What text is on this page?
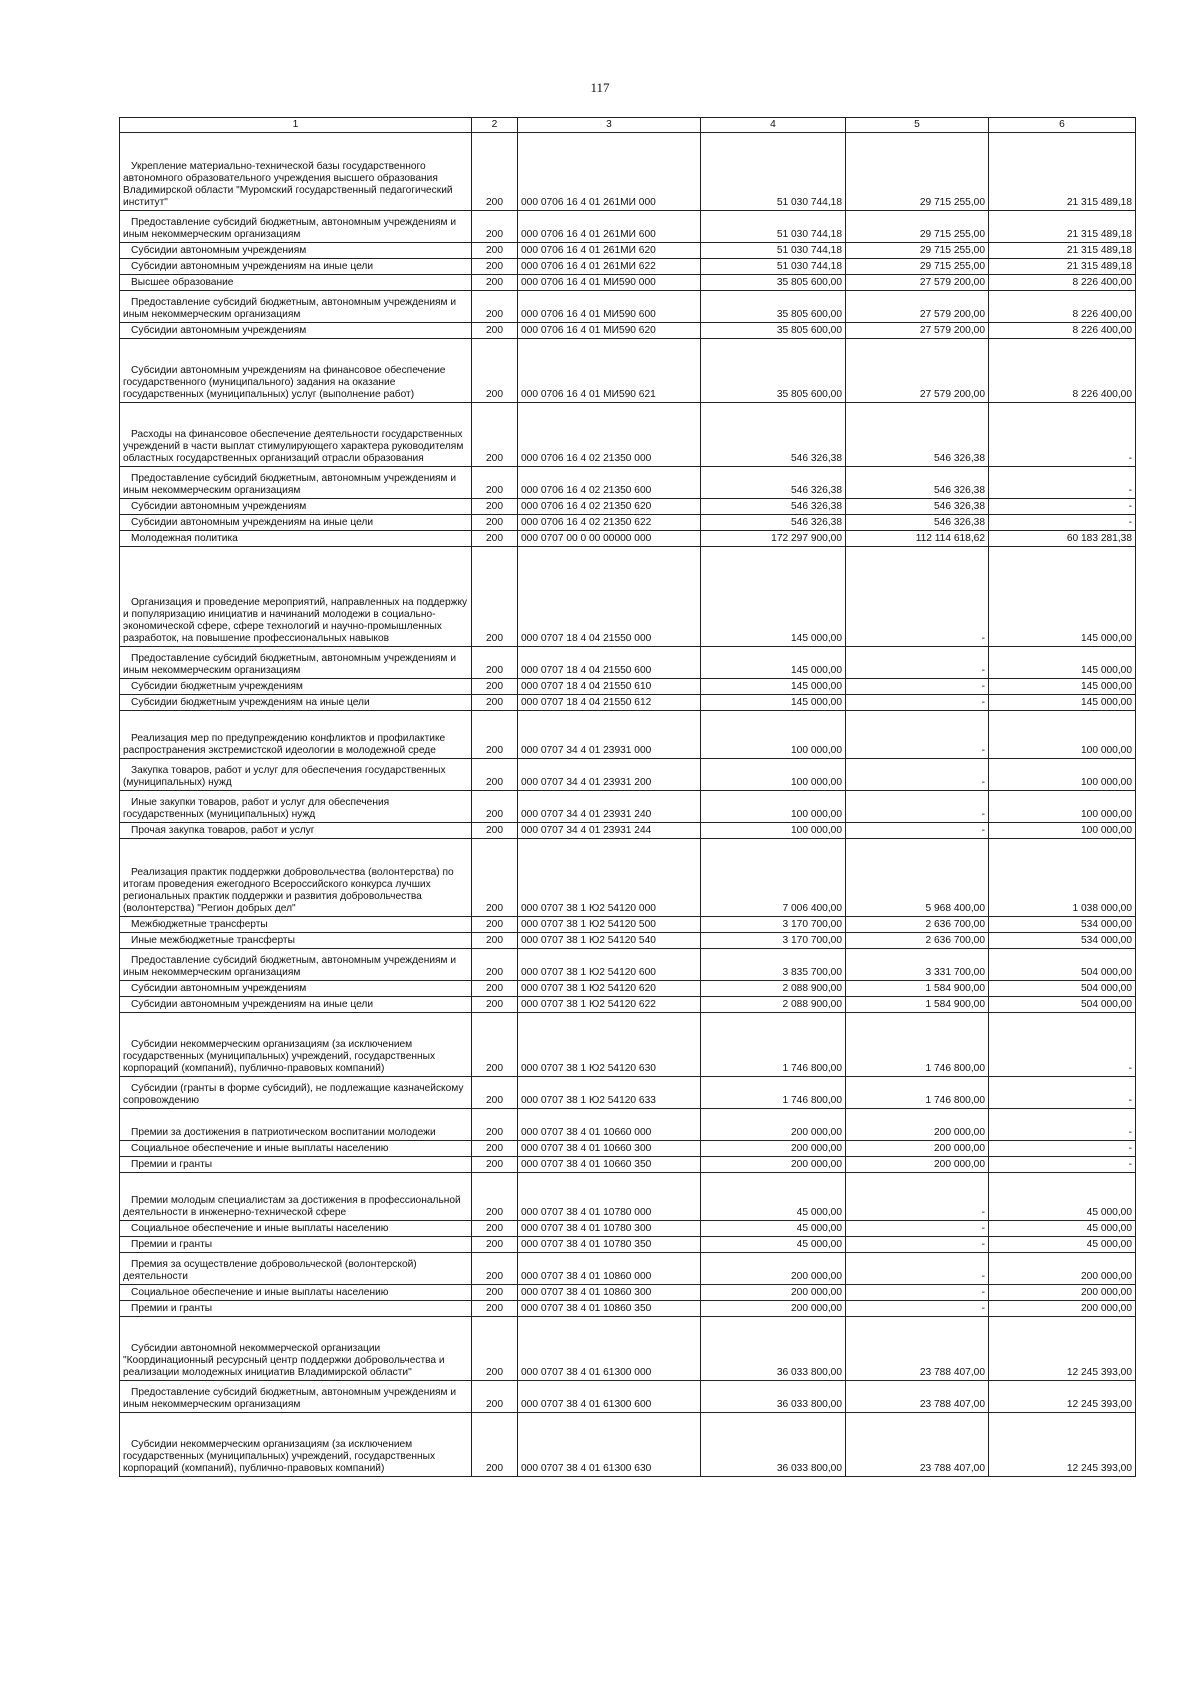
117
1	2	3	4	5	6

Укрепление материально-технической базы государственного автономного образовательного учреждения высшего образования Владимирской области "Муромский государственный педагогический институт"	200	000 0706 16 4 01 261МИ 000	51 030 744,18	29 715 255,00	21 315 489,18

Предоставление субсидий бюджетным, автономным учреждениям и иным некоммерческим организациям	200	000 0706 16 4 01 261МИ 600	51 030 744,18	29 715 255,00	21 315 489,18

Субсидии автономным учреждениям	200	000 0706 16 4 01 261МИ 620	51 030 744,18	29 715 255,00	21 315 489,18

Субсидии автономным учреждениям на иные цели	200	000 0706 16 4 01 261МИ 622	51 030 744,18	29 715 255,00	21 315 489,18

Высшее образование	200	000 0706 16 4 01 МИ590 000	35 805 600,00	27 579 200,00	8 226 400,00

Предоставление субсидий бюджетным, автономным учреждениям и иным некоммерческим организациям	200	000 0706 16 4 01 МИ590 600	35 805 600,00	27 579 200,00	8 226 400,00

Субсидии автономным учреждениям	200	000 0706 16 4 01 МИ590 620	35 805 600,00	27 579 200,00	8 226 400,00

Субсидии автономным учреждениям на финансовое обеспечение государственного (муниципального) задания на оказание государственных (муниципальных) услуг (выполнение работ)	200	000 0706 16 4 01 МИ590 621	35 805 600,00	27 579 200,00	8 226 400,00

Расходы на финансовое обеспечение деятельности государственных учреждений в части выплат стимулирующего характера руководителям областных государственных организаций отрасли образования	200	000 0706 16 4 02 21350 000	546 326,38	546 326,38	-

Предоставление субсидий бюджетным, автономным учреждениям и иным некоммерческим организациям	200	000 0706 16 4 02 21350 600	546 326,38	546 326,38	-

Субсидии автономным учреждениям	200	000 0706 16 4 02 21350 620	546 326,38	546 326,38	-

Субсидии автономным учреждениям на иные цели	200	000 0706 16 4 02 21350 622	546 326,38	546 326,38	-

Молодежная политика	200	000 0707 00 0 00 00000 000	172 297 900,00	112 114 618,62	60 183 281,38

Организация и проведение мероприятий, направленных на поддержку и популяризацию инициатив и начинаний молодежи в социально-экономической сфере, сфере технологий и научно-промышленных разработок, на повышение профессиональных навыков	200	000 0707 18 4 04 21550 000	145 000,00	-	145 000,00

Предоставление субсидий бюджетным, автономным учреждениям и иным некоммерческим организациям	200	000 0707 18 4 04 21550 600	145 000,00	-	145 000,00

Субсидии бюджетным учреждениям	200	000 0707 18 4 04 21550 610	145 000,00	-	145 000,00

Субсидии бюджетным учреждениям на иные цели	200	000 0707 18 4 04 21550 612	145 000,00	-	145 000,00

Реализация мер по предупреждению конфликтов и профилактике распространения экстремистской идеологии в молодежной среде	200	000 0707 34 4 01 23931 000	100 000,00	-	100 000,00

Закупка товаров, работ и услуг для обеспечения государственных (муниципальных) нужд	200	000 0707 34 4 01 23931 200	100 000,00	-	100 000,00

Иные закупки товаров, работ и услуг для обеспечения государственных (муниципальных) нужд	200	000 0707 34 4 01 23931 240	100 000,00	-	100 000,00

Прочая закупка товаров, работ и услуг	200	000 0707 34 4 01 23931 244	100 000,00	-	100 000,00

Реализация практик поддержки добровольчества (волонтерства) по итогам проведения ежегодного Всероссийского конкурса лучших региональных практик поддержки и развития добровольчества (волонтерства) "Регион добрых дел"	200	000 0707 38 1 Ю2 54120 000	7 006 400,00	5 968 400,00	1 038 000,00

Межбюджетные трансферты	200	000 0707 38 1 Ю2 54120 500	3 170 700,00	2 636 700,00	534 000,00

Иные межбюджетные трансферты	200	000 0707 38 1 Ю2 54120 540	3 170 700,00	2 636 700,00	534 000,00

Предоставление субсидий бюджетным, автономным учреждениям и иным некоммерческим организациям	200	000 0707 38 1 Ю2 54120 600	3 835 700,00	3 331 700,00	504 000,00

Субсидии автономным учреждениям	200	000 0707 38 1 Ю2 54120 620	2 088 900,00	1 584 900,00	504 000,00

Субсидии автономным учреждениям на иные цели	200	000 0707 38 1 Ю2 54120 622	2 088 900,00	1 584 900,00	504 000,00

Субсидии некоммерческим организациям (за исключением государственных (муниципальных) учреждений, государственных корпораций (компаний), публично-правовых компаний)	200	000 0707 38 1 Ю2 54120 630	1 746 800,00	1 746 800,00	-

Субсидии (гранты в форме субсидий), не подлежащие казначейскому сопровождению	200	000 0707 38 1 Ю2 54120 633	1 746 800,00	1 746 800,00	-

Премии за достижения в патриотическом воспитании молодежи	200	000 0707 38 4 01 10660 000	200 000,00	200 000,00	-

Социальное обеспечение и иные выплаты населению	200	000 0707 38 4 01 10660 300	200 000,00	200 000,00	-

Премии и гранты	200	000 0707 38 4 01 10660 350	200 000,00	200 000,00	-

Премии молодым специалистам за достижения в профессиональной деятельности в инженерно-технической сфере	200	000 0707 38 4 01 10780 000	45 000,00	-	45 000,00

Социальное обеспечение и иные выплаты населению	200	000 0707 38 4 01 10780 300	45 000,00	-	45 000,00

Премии и гранты	200	000 0707 38 4 01 10780 350	45 000,00	-	45 000,00

Премия за осуществление добровольческой (волонтерской) деятельности	200	000 0707 38 4 01 10860 000	200 000,00	-	200 000,00

Социальное обеспечение и иные выплаты населению	200	000 0707 38 4 01 10860 300	200 000,00	-	200 000,00

Премии и гранты	200	000 0707 38 4 01 10860 350	200 000,00	-	200 000,00

Субсидии автономной некоммерческой организации "Координационный ресурсный центр поддержки добровольчества и реализации молодежных инициатив Владимирской области"	200	000 0707 38 4 01 61300 000	36 033 800,00	23 788 407,00	12 245 393,00

Предоставление субсидий бюджетным, автономным учреждениям и иным некоммерческим организациям	200	000 0707 38 4 01 61300 600	36 033 800,00	23 788 407,00	12 245 393,00

Субсидии некоммерческим организациям (за исключением государственных (муниципальных) учреждений, государственных корпораций (компаний), публично-правовых компаний)	200	000 0707 38 4 01 61300 630	36 033 800,00	23 788 407,00	12 245 393,00
